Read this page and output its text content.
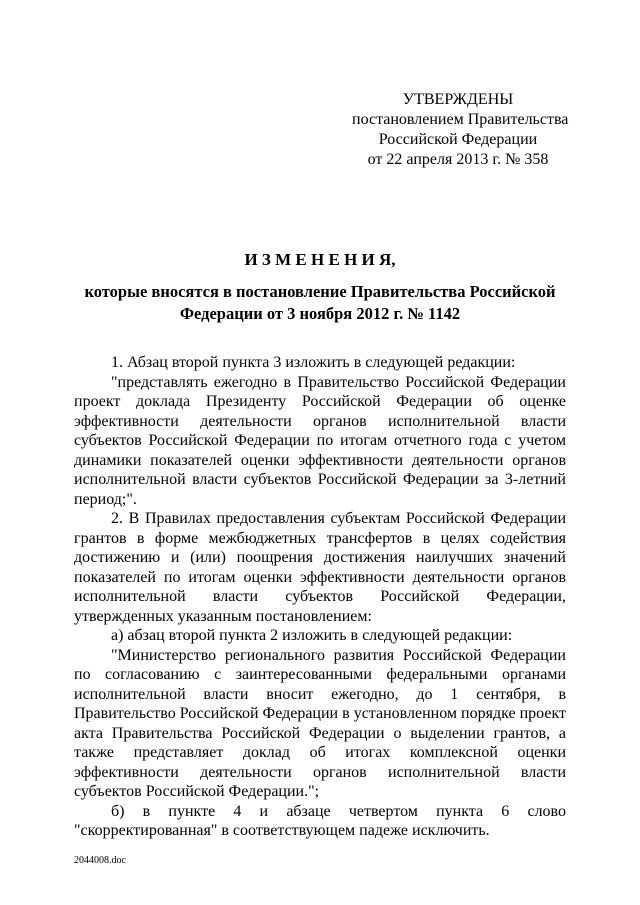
УТВЕРЖДЕНЫ
постановлением Правительства
Российской Федерации
от 22 апреля 2013 г. № 358
И З М Е Н Е Н И Я,
которые вносятся в постановление Правительства Российской
Федерации от 3 ноября 2012 г. № 1142

1. Абзац второй пункта 3 изложить в следующей редакции:

"представлять ежегодно в Правительство Российской Федерации проект доклада Президенту Российской Федерации об оценке эффективности деятельности органов исполнительной власти субъектов Российской Федерации по итогам отчетного года с учетом динамики показателей оценки эффективности деятельности органов исполнительной власти субъектов Российской Федерации за 3-летний период;".

2. В Правилах предоставления субъектам Российской Федерации грантов в форме межбюджетных трансфертов в целях содействия достижению и (или) поощрения достижения наилучших значений показателей по итогам оценки эффективности деятельности органов исполнительной власти субъектов Российской Федерации, утвержденных указанным постановлением:

а) абзац второй пункта 2 изложить в следующей редакции:

"Министерство регионального развития Российской Федерации по согласованию с заинтересованными федеральными органами исполнительной власти вносит ежегодно, до 1 сентября, в Правительство Российской Федерации в установленном порядке проект акта Правительства Российской Федерации о выделении грантов, а также представляет доклад об итогах комплексной оценки эффективности деятельности органов исполнительной власти субъектов Российской Федерации.";

б) в пункте 4 и абзаце четвертом пункта 6 слово "скорректированная" в соответствующем падеже исключить.

2044008.doc
